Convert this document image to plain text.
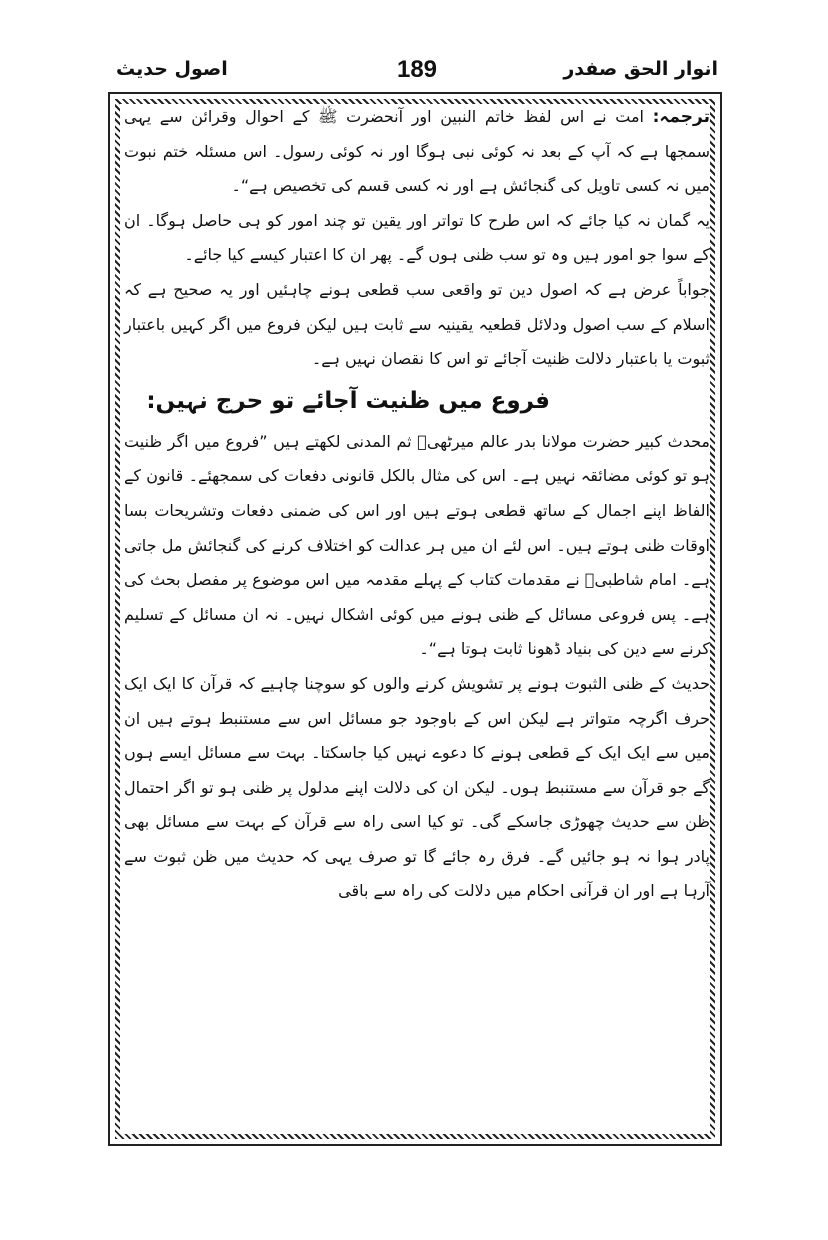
اصول حدیث	189	انوار الحق صفدر

ترجمہ: امت نے اس لفظ خاتم النبین اور آنحضرت ﷺ کے احوال وقرائن سے یہی سمجھا ہے کہ آپ کے بعد نہ کوئی نبی ہوگا اور نہ کوئی رسول۔ اس مسئلہ ختم نبوت میں نہ کسی تاویل کی گنجائش ہے اور نہ کسی قسم کی تخصیص ہے“۔

یہ گمان نہ کیا جائے کہ اس طرح کا تواتر اور یقین تو چند امور کو ہی حاصل ہوگا۔ ان کے سوا جو امور ہیں وہ تو سب ظنی ہوں گے۔ پھر ان کا اعتبار کیسے کیا جائے۔

جواباً عرض ہے کہ اصول دین تو واقعی سب قطعی ہونے چاہئیں اور یہ صحیح ہے کہ اسلام کے سب اصول ودلائل قطعیہ یقینیہ سے ثابت ہیں لیکن فروع میں اگر کہیں باعتبار ثبوت یا باعتبار دلالت ظنیت آجائے تو اس کا نقصان نہیں ہے۔

فروع میں ظنیت آجائے تو حرج نہیں:

محدث کبیر حضرت مولانا بدر عالم میرٹھیؒ ثم المدنی لکھتے ہیں ”فروع میں اگر ظنیت ہو تو کوئی مضائقہ نہیں ہے۔ اس کی مثال بالکل قانونی دفعات کی سمجھئے۔ قانون کے الفاظ اپنے اجمال کے ساتھ قطعی ہوتے ہیں اور اس کی ضمنی دفعات وتشریحات بسا اوقات ظنی ہوتے ہیں۔ اس لئے ان میں ہر عدالت کو اختلاف کرنے کی گنجائش مل جاتی ہے۔ امام شاطبیؒ نے مقدمات کتاب کے پہلے مقدمہ میں اس موضوع پر مفصل بحث کی ہے۔ پس فروعی مسائل کے ظنی ہونے میں کوئی اشکال نہیں۔ نہ ان مسائل کے تسلیم کرنے سے دین کی بنیاد ڈھونا ثابت ہوتا ہے“۔

حدیث کے ظنی الثبوت ہونے پر تشویش کرنے والوں کو سوچنا چاہیے کہ قرآن کا ایک ایک حرف اگرچہ متواتر ہے لیکن اس کے باوجود جو مسائل اس سے مستنبط ہوتے ہیں ان میں سے ایک ایک کے قطعی ہونے کا دعوے نہیں کیا جاسکتا۔ بہت سے مسائل ایسے ہوں گے جو قرآن سے مستنبط ہوں۔ لیکن ان کی دلالت اپنے مدلول پر ظنی ہو تو اگر احتمال ظن سے حدیث چھوڑی جاسکے گی۔ تو کیا اسی راہ سے قرآن کے بہت سے مسائل بھی پادر ہوا نہ ہو جائیں گے۔ فرق رہ جائے گا تو صرف یہی کہ حدیث میں ظن ثبوت سے آرہا ہے اور ان قرآنی احکام میں دلالت کی راہ سے باقی
